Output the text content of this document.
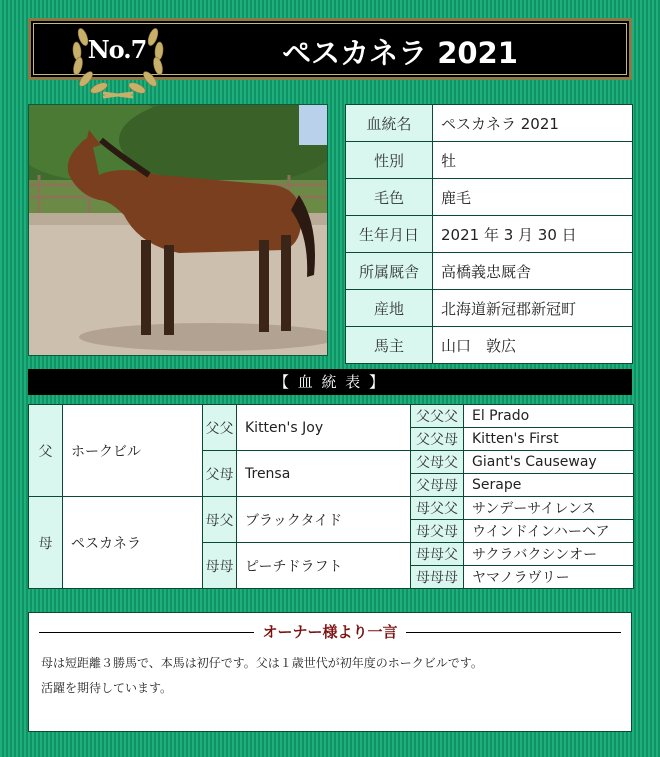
No.7	ペスカネラ 2021
血統名	ペスカネラ 2021
性別	牡
毛色	鹿毛
生年月日	2021 年 3 月 30 日
所属厩舎	高橋義忠厩舎
産地	北海道新冠郡新冠町
馬主	山口　敦広
【 血 統 表 】
父	ホークビル	父父	Kitten's Joy	父父父	El Prado
				父父母	Kitten's First
		父母	Trensa	父母父	Giant's Causeway
				父母母	Serape
母	ペスカネラ	母父	ブラックタイド	母父父	サンデーサイレンス
				母父母	ウインドインハーヘア
		母母	ピーチドラフト	母母父	サクラバクシンオー
				母母母	ヤマノラヴリー
オーナー様より一言
母は短距離３勝馬で、本馬は初仔です。父は１歳世代が初年度のホークビルです。
活躍を期待しています。
